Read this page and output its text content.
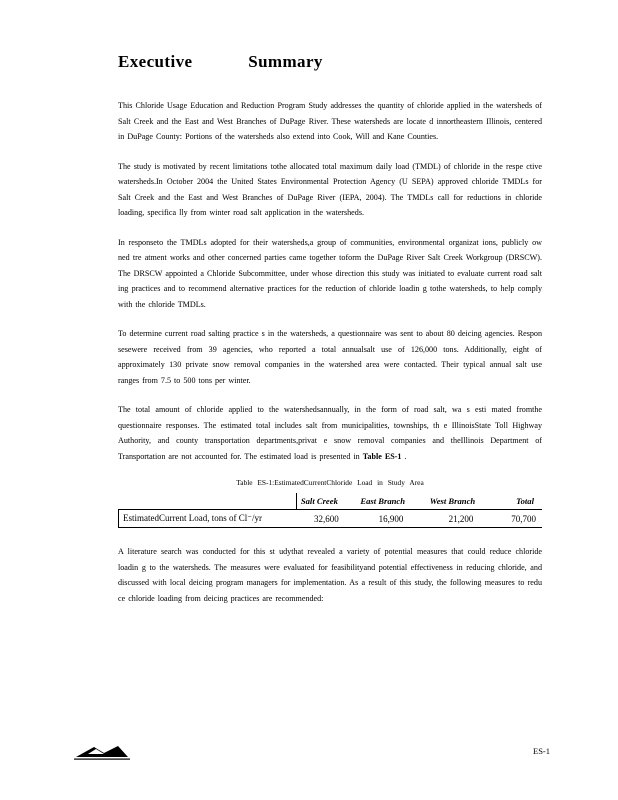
Executive            Summary

This Chloride Usage Education and Reduction Program Study addresses the quantity of chloride applied in the watersheds of Salt Creek and the East and West Branches of DuPage River. These watersheds are locate d innortheastern Illinois, centered in DuPage County: Portions of the watersheds also extend into Cook, Will and Kane Counties.

The study is motivated by recent limitations tothe allocated total maximum daily load (TMDL) of chloride in the respe ctive watersheds.In October 2004 the United States Environmental Protection Agency (U SEPA) approved chloride TMDLs for Salt Creek and the East and West Branches of DuPage River (IEPA, 2004). The TMDLs call for reductions in chloride loading, specifica lly from winter road salt application in the watersheds.

In responseto the TMDLs adopted for their watersheds,a group of communities, environmental organizat ions, publicly ow ned tre atment works and other concerned parties came together toform the DuPage River Salt Creek Workgroup (DRSCW). The DRSCW appointed a Chloride Subcommittee, under whose direction this study was initiated to evaluate current road salt ing practices and to recommend alternative practices for the reduction of chloride loadin g tothe watersheds, to help comply with the chloride TMDLs.

To determine current road salting practice s in the watersheds, a questionnaire was sent to about 80 deicing agencies. Respon sesewere received from 39 agencies, who reported a total annualsalt use of 126,000 tons. Additionally, eight of approximately 130 private snow removal companies in the watershed area were contacted. Their typical annual salt use ranges from 7.5 to 500 tons per winter.

The total amount of chloride applied to the watershedsannually, in the form of road salt, wa s esti mated fromthe questionnaire responses. The estimated total includes salt from municipalities, townships, th e IllinoisState Toll Highway Authority, and county transportation departments,privat e snow removal companies and theIllinois Department of Transportation are not accounted for. The estimated load is presented in Table ES-1 .

Table ES-1:EstimatedCurrentChloride Load in Study Area
	Salt Creek	East Branch	West Branch	Total
EstimatedCurrent Load, tons of Cl⁻/yr	32,600	16,900	21,200	70,700

A literature search was conducted for this st udythat revealed a variety of potential measures that could reduce chloride loadin g to the watersheds. The measures were evaluated for feasibilityand potential effectiveness in reducing chloride, and discussed with local deicing program managers for implementation. As a result of this study, the following measures to redu ce chloride loading from deicing practices are recommended:

ES-1
